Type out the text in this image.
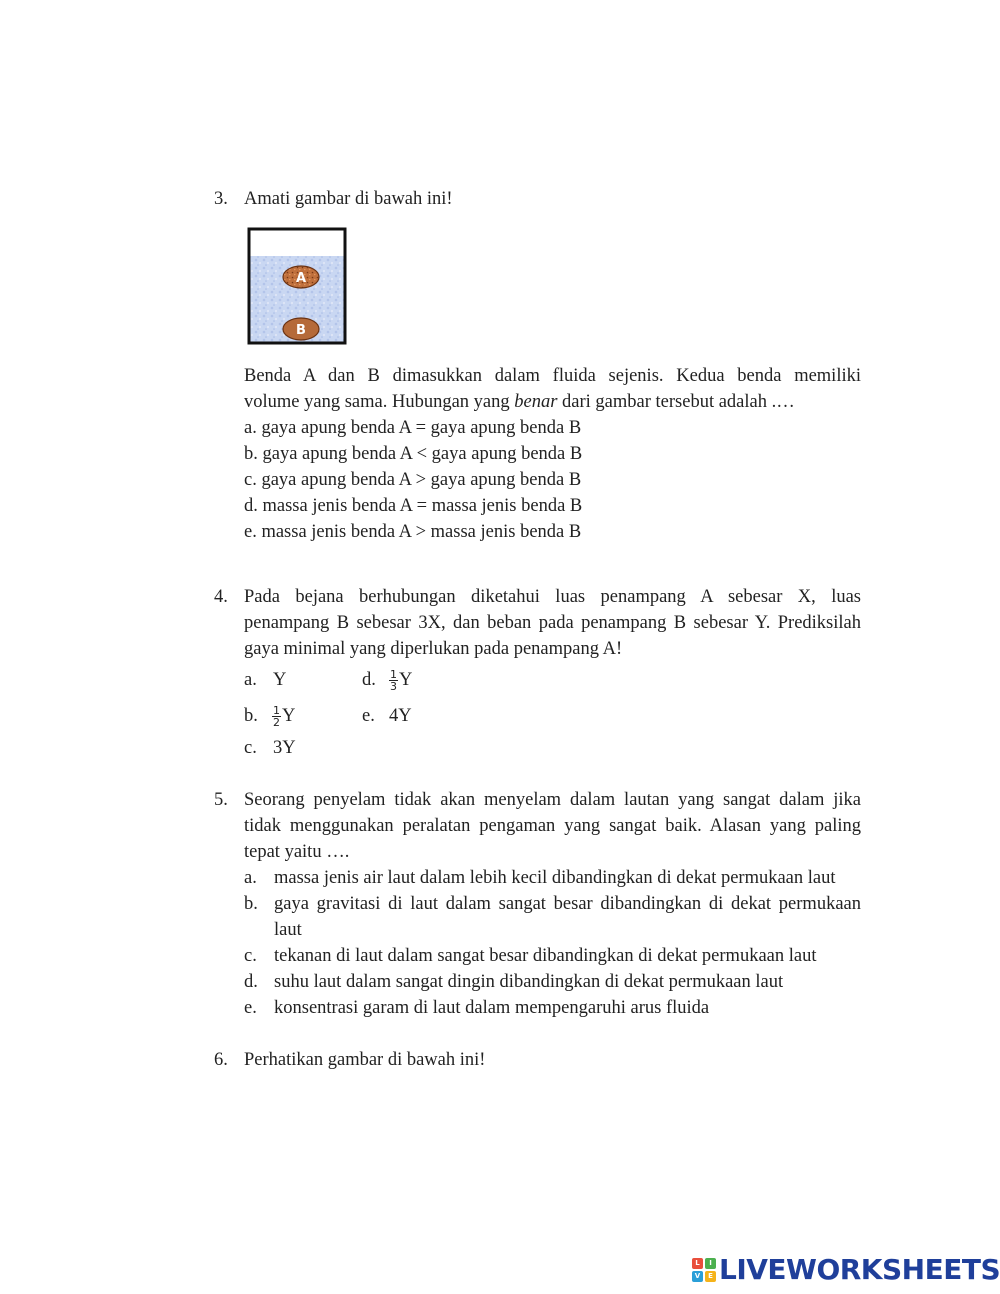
3. Amati gambar di bawah ini!
A
B
Benda A dan B dimasukkan dalam fluida sejenis. Kedua benda memiliki
volume yang sama. Hubungan yang benar dari gambar tersebut adalah .…
a. gaya apung benda A = gaya apung benda B
b. gaya apung benda A < gaya apung benda B
c. gaya apung benda A > gaya apung benda B
d. massa jenis benda A = massa jenis benda B
e. massa jenis benda A > massa jenis benda B
4. Pada bejana berhubungan diketahui luas penampang A sebesar X, luas
penampang B sebesar 3X, dan beban pada penampang B sebesar Y. Prediksilah
gaya minimal yang diperlukan pada penampang A!
a. Y	d. $\frac{1}{3}$ Y
b. $\frac{1}{2}$ Y	e. 4Y
c. 3Y
5. Seorang penyelam tidak akan menyelam dalam lautan yang sangat dalam jika
tidak menggunakan peralatan pengaman yang sangat baik. Alasan yang paling
tepat yaitu ….
a. massa jenis air laut dalam lebih kecil dibandingkan di dekat permukaan laut
b. gaya gravitasi di laut dalam sangat besar dibandingkan di dekat permukaan
laut
c. tekanan di laut dalam sangat besar dibandingkan di dekat permukaan laut
d. suhu laut dalam sangat dingin dibandingkan di dekat permukaan laut
e. konsentrasi garam di laut dalam mempengaruhi arus fluida
6. Perhatikan gambar di bawah ini!
L	I
V	E LIVEWORKSHEETS
